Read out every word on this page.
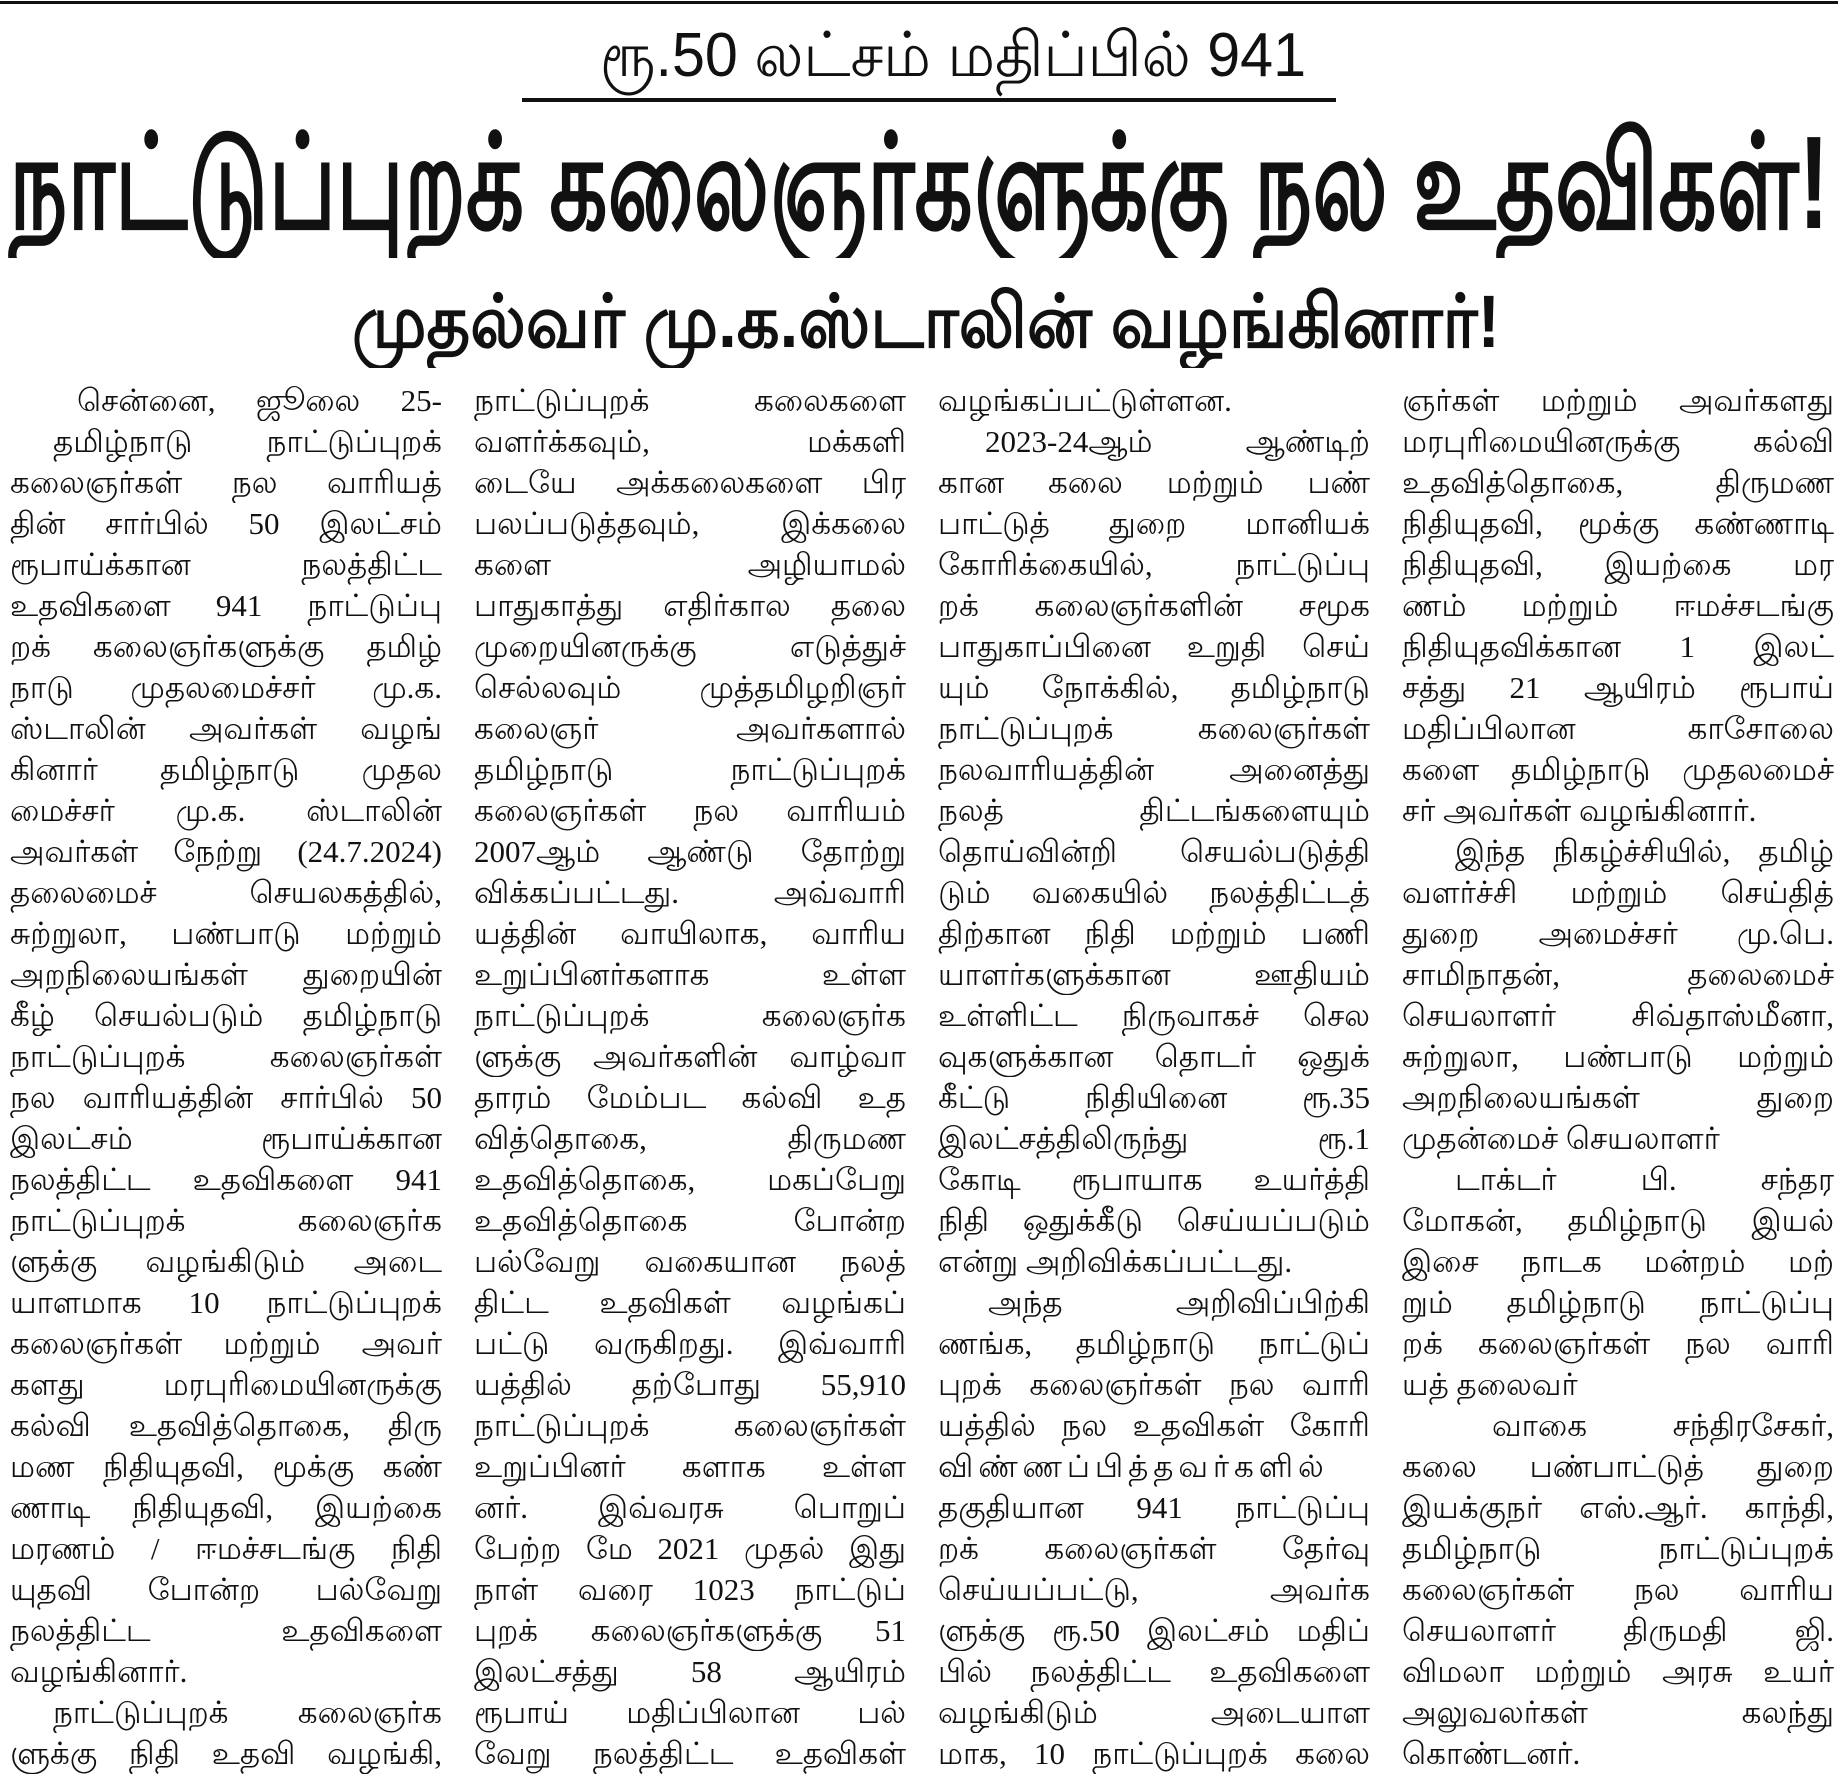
ரூ.50 லட்சம் மதிப்பில் 941
நாட்டுப்புறக் கலைஞர்களுக்கு நல உதவிகள்!
முதல்வர் மு.க.ஸ்டாலின் வழங்கினார்!
சென்னை, ஜூலை 25-
தமிழ்நாடு நாட்டுப்புறக்
கலைஞர்கள் நல வாரியத்
தின் சார்பில் 50 இலட்சம்
ரூபாய்க்கான நலத்திட்ட
உதவிகளை 941 நாட்டுப்பு
றக் கலைஞர்களுக்கு தமிழ்
நாடு முதலமைச்சர் மு.க.
ஸ்டாலின் அவர்கள் வழங்
கினார் தமிழ்நாடு முதல
மைச்சர் மு.க. ஸ்டாலின்
அவர்கள் நேற்று (24.7.2024)
தலைமைச் செயலகத்தில்,
சுற்றுலா, பண்பாடு மற்றும்
அறநிலையங்கள் துறையின்
கீழ் செயல்படும் தமிழ்நாடு
நாட்டுப்புறக் கலைஞர்கள்
நல வாரியத்தின் சார்பில் 50
இலட்சம் ரூபாய்க்கான
நலத்திட்ட உதவிகளை 941
நாட்டுப்புறக் கலைஞர்க
ளுக்கு வழங்கிடும் அடை
யாளமாக 10 நாட்டுப்புறக்
கலைஞர்கள் மற்றும் அவர்
களது மரபுரிமையினருக்கு
கல்வி உதவித்தொகை, திரு
மண நிதியுதவி, மூக்கு கண்
ணாடி நிதியுதவி, இயற்கை
மரணம் / ஈமச்சடங்கு நிதி
யுதவி போன்ற பல்வேறு
நலத்திட்ட உதவிகளை
வழங்கினார்.
நாட்டுப்புறக் கலைஞர்க
ளுக்கு நிதி உதவி வழங்கி,
நாட்டுப்புறக் கலைகளை
வளர்க்கவும், மக்களி
டையே அக்கலைகளை பிர
பலப்படுத்தவும், இக்கலை
களை அழியாமல்
பாதுகாத்து எதிர்கால தலை
முறையினருக்கு எடுத்துச்
செல்லவும் முத்தமிழறிஞர்
கலைஞர் அவர்களால்
தமிழ்நாடு நாட்டுப்புறக்
கலைஞர்கள் நல வாரியம்
2007ஆம் ஆண்டு தோற்று
விக்கப்பட்டது. அவ்வாரி
யத்தின் வாயிலாக, வாரிய
உறுப்பினர்களாக உள்ள
நாட்டுப்புறக் கலைஞர்க
ளுக்கு அவர்களின் வாழ்வா
தாரம் மேம்பட கல்வி உத
வித்தொகை, திருமண
உதவித்தொகை, மகப்பேறு
உதவித்தொகை போன்ற
பல்வேறு வகையான நலத்
திட்ட உதவிகள் வழங்கப்
பட்டு வருகிறது. இவ்வாரி
யத்தில் தற்போது 55,910
நாட்டுப்புறக் கலைஞர்கள்
உறுப்பினர் களாக உள்ள
னர். இவ்வரசு பொறுப்
பேற்ற மே 2021 முதல் இது
நாள் வரை 1023 நாட்டுப்
புறக் கலைஞர்களுக்கு 51
இலட்சத்து 58 ஆயிரம்
ரூபாய் மதிப்பிலான பல்
வேறு நலத்திட்ட உதவிகள்
வழங்கப்பட்டுள்ளன.
2023-24ஆம் ஆண்டிற்
கான கலை மற்றும் பண்
பாட்டுத் துறை மானியக்
கோரிக்கையில், நாட்டுப்பு
றக் கலைஞர்களின் சமூக
பாதுகாப்பினை உறுதி செய்
யும் நோக்கில், தமிழ்நாடு
நாட்டுப்புறக் கலைஞர்கள்
நலவாரியத்தின் அனைத்து
நலத் திட்டங்களையும்
தொய்வின்றி செயல்படுத்தி
டும் வகையில் நலத்திட்டத்
திற்கான நிதி மற்றும் பணி
யாளர்களுக்கான ஊதியம்
உள்ளிட்ட நிருவாகச் செல
வுகளுக்கான தொடர் ஒதுக்
கீட்டு நிதியினை ரூ.35
இலட்சத்திலிருந்து ரூ.1
கோடி ரூபாயாக உயர்த்தி
நிதி ஒதுக்கீடு செய்யப்படும்
என்று அறிவிக்கப்பட்டது.
அந்த அறிவிப்பிற்கி
ணங்க, தமிழ்நாடு நாட்டுப்
புறக் கலைஞர்கள் நல வாரி
யத்தில் நல உதவிகள் கோரி
விண்ணப்பித்தவர்களில்
தகுதியான 941 நாட்டுப்பு
றக் கலைஞர்கள் தேர்வு
செய்யப்பட்டு, அவர்க
ளுக்கு ரூ.50 இலட்சம் மதிப்
பில் நலத்திட்ட உதவிகளை
வழங்கிடும் அடையாள
மாக, 10 நாட்டுப்புறக் கலை
ஞர்கள் மற்றும் அவர்களது
மரபுரிமையினருக்கு கல்வி
உதவித்தொகை, திருமண
நிதியுதவி, மூக்கு கண்ணாடி
நிதியுதவி, இயற்கை மர
ணம் மற்றும் ஈமச்சடங்கு
நிதியுதவிக்கான 1 இலட்
சத்து 21 ஆயிரம் ரூபாய்
மதிப்பிலான காசோலை
களை தமிழ்நாடு முதலமைச்
சர் அவர்கள் வழங்கினார்.
இந்த நிகழ்ச்சியில், தமிழ்
வளர்ச்சி மற்றும் செய்தித்
துறை அமைச்சர் மு.பெ.
சாமிநாதன், தலைமைச்
செயலாளர் சிவ்தாஸ்மீனா,
சுற்றுலா, பண்பாடு மற்றும்
அறநிலையங்கள் துறை
முதன்மைச் செயலாளர்
டாக்டர் பி. சந்தர
மோகன், தமிழ்நாடு இயல்
இசை நாடக மன்றம் மற்
றும் தமிழ்நாடு நாட்டுப்பு
றக் கலைஞர்கள் நல வாரி
யத் தலைவர்
வாகை சந்திரசேகர்,
கலை பண்பாட்டுத் துறை
இயக்குநர் எஸ்.ஆர். காந்தி,
தமிழ்நாடு நாட்டுப்புறக்
கலைஞர்கள் நல வாரிய
செயலாளர் திருமதி ஜி.
விமலா மற்றும் அரசு உயர்
அலுவலர்கள் கலந்து
கொண்டனர்.
